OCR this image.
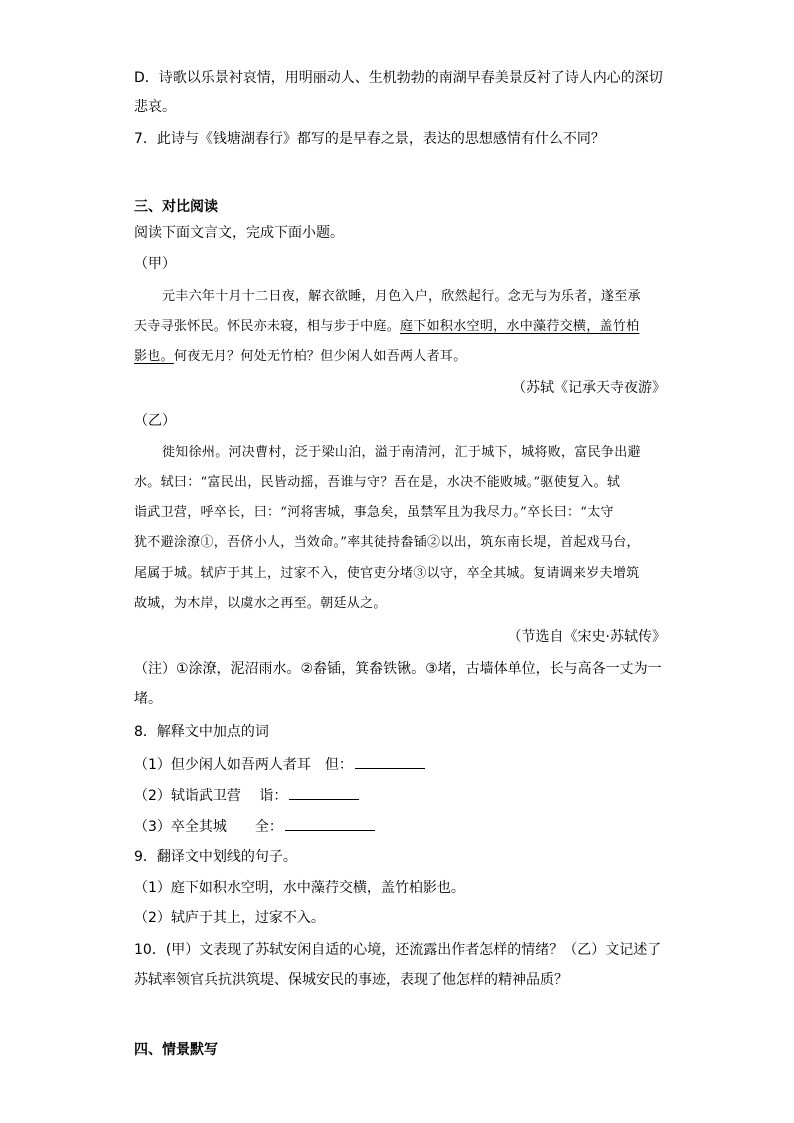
D．诗歌以乐景衬哀情，用明丽动人、生机勃勃的南湖早春美景反衬了诗人内心的深切
悲哀。
7．此诗与《钱塘湖春行》都写的是早春之景，表达的思想感情有什么不同？
三、对比阅读
阅读下面文言文，完成下面小题。
（甲）
元丰六年十月十二日夜，解衣欲睡，月色入户，欣然起行。念无与为乐者，遂至承
天寺寻张怀民。怀民亦未寝，相与步于中庭。庭下如积水空明，水中藻荇交横，盖竹柏
影也。何夜无月？何处无竹柏？但少闲人如吾两人者耳。
（苏轼《记承天寺夜游》
（乙）
徙知徐州。河决曹村，泛于梁山泊，溢于南清河，汇于城下，城将败，富民争出避
水。轼曰：“富民出，民皆动摇，吾谁与守？吾在是，水决不能败城。”驱使复入。轼
诣武卫营，呼卒长，曰：“河将害城，事急矣，虽禁军且为我尽力。”卒长曰：“太守
犹不避涂潦①，吾侪小人，当效命。”率其徒持畚锸②以出，筑东南长堤，首起戏马台，
尾属于城。轼庐于其上，过家不入，使官吏分堵③以守，卒全其城。复请调来岁夫增筑
故城，为木岸，以虞水之再至。朝廷从之。
（节选自《宋史·苏轼传》
（注）①涂潦，泥沼雨水。②畚锸，箕畚铁锹。③堵，古墙体单位，长与高各一丈为一
堵。
8．解释文中加点的词
（1）但少闲人如吾两人者耳　但：
（2）轼诣武卫营　 诣：
（3）卒全其城　　全：
9．翻译文中划线的句子。
（1）庭下如积水空明，水中藻荇交横，盖竹柏影也。
（2）轼庐于其上，过家不入。
10．(甲）文表现了苏轼安闲自适的心境，还流露出作者怎样的情绪？（乙）文记述了
苏轼率领官兵抗洪筑堤、保城安民的事迹，表现了他怎样的精神品质？
四、情景默写
